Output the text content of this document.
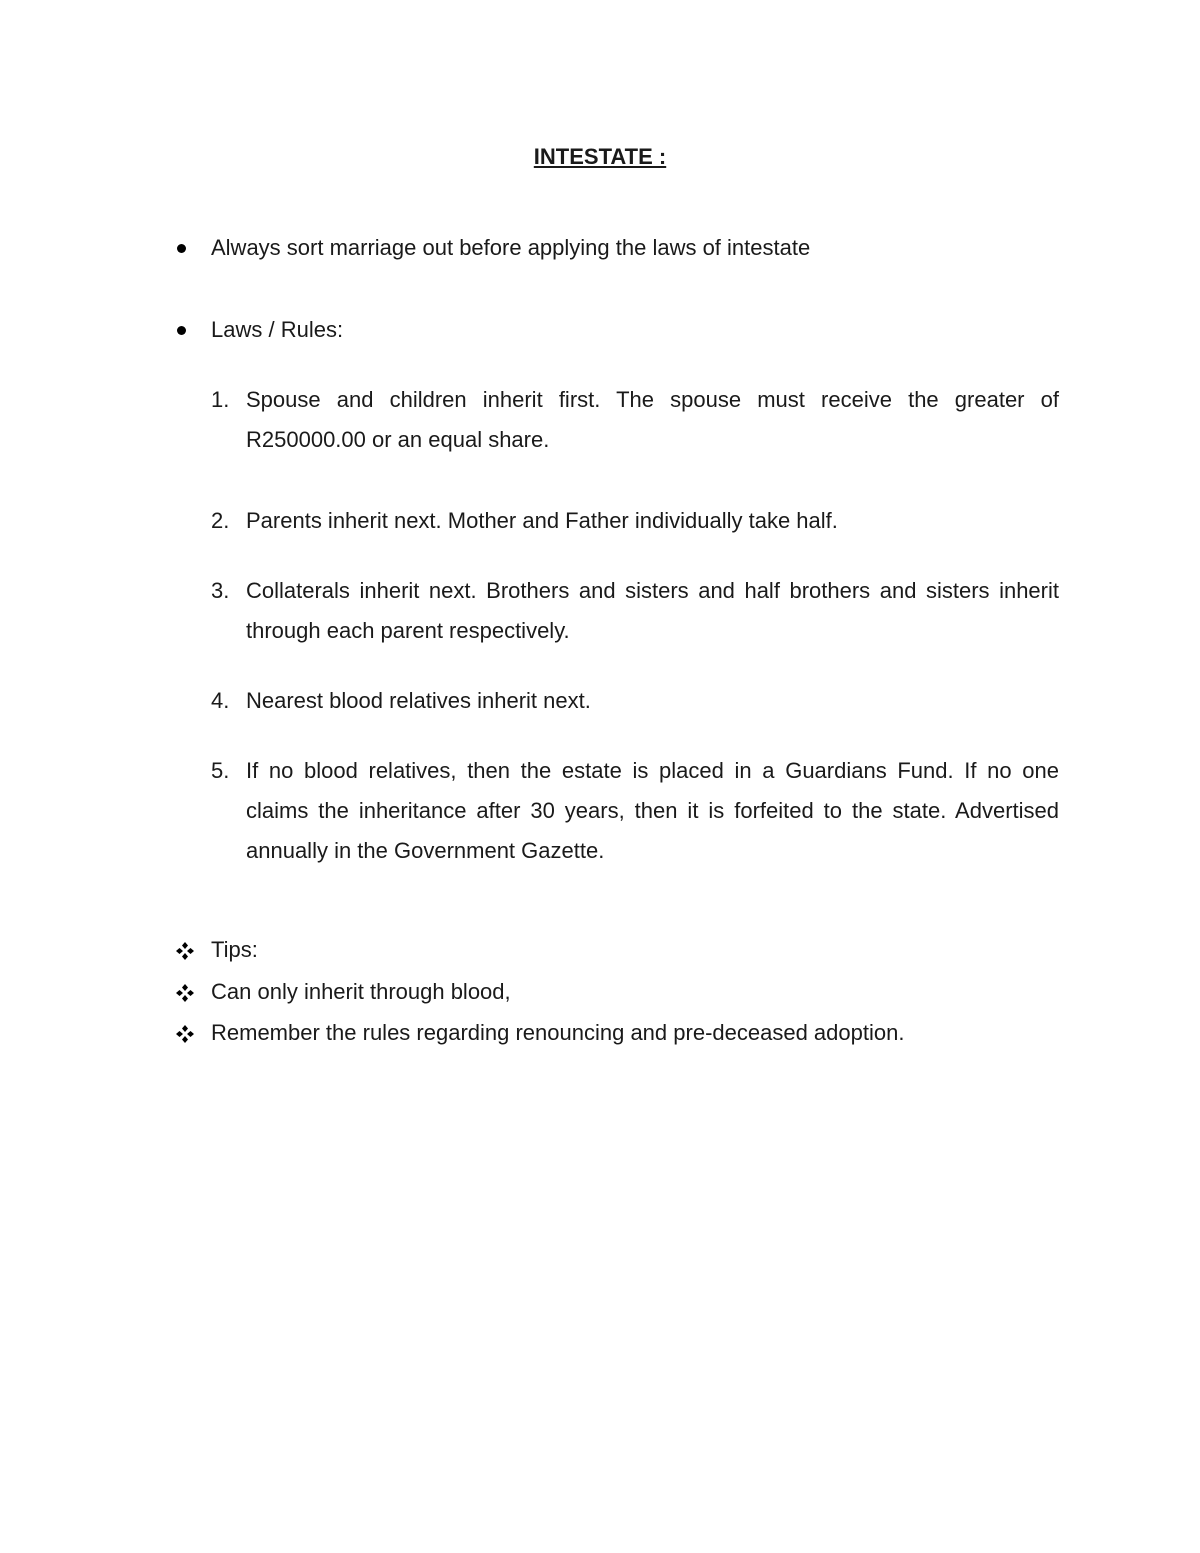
INTESTATE :
Always sort marriage out before applying the laws of intestate
Laws / Rules:
1. Spouse and children inherit first. The spouse must receive the greater of R250000.00 or an equal share.
2. Parents inherit next. Mother and Father individually take half.
3. Collaterals inherit next. Brothers and sisters and half brothers and sisters inherit through each parent respectively.
4. Nearest blood relatives inherit next.
5. If no blood relatives, then the estate is placed in a Guardians Fund. If no one claims the inheritance after 30 years, then it is forfeited to the state. Advertised annually in the Government Gazette.
Tips:
Can only inherit through blood,
Remember the rules regarding renouncing and pre-deceased adoption.
